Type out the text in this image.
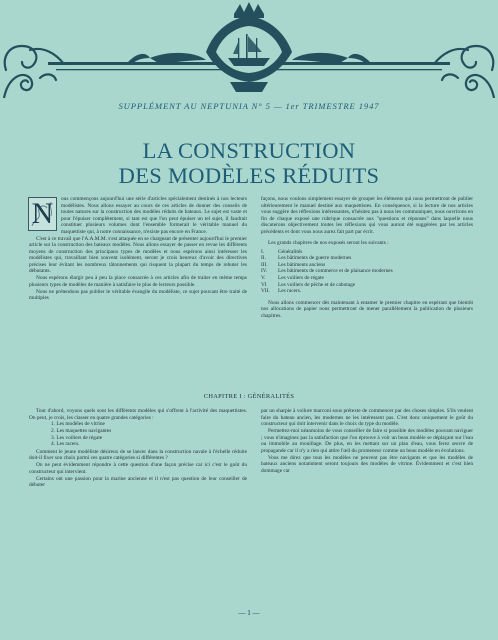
SUPPLÉMENT AU NEPTUNIA N° 5 — 1er TRIMESTRE 1947
LA CONSTRUCTION
DES MODÈLES RÉDUITS
N	ous commençons aujourd'hui une série d'articles spécialement destinés à nos lecteurs modélistes. Nous allons essayer au cours de ces articles de donner des conseils de toutes natures sur la construction des modèles réduits de bateaux. Le sujet est vaste et pour l'épuiser complètement, si tant est que l'on peut épuiser un tel sujet, il faudrait constituer plusieurs volumes dont l'ensemble formerait le véritable manuel du maquettiste qui, à notre connaissance, n'existe pas encore en France.

C'est à ce travail que l'A.A.M.M. s'est attaquée en se chargeant de présenter aujourd'hui le premier article sur la construction des bateaux modèles. Nous allons essayer de passer en revue les différents moyens de construction des principaux types de modèles et nous espérons ainsi intéresser les modélistes qui, travaillant bien souvent isolément, seront je crois heureux d'avoir des directives précises leur évitant les nombreux tâtonnements qui risquent la plupart du temps de rebuter les débutants.

Nous espérons élargir peu à peu la place consacrée à ces articles afin de traiter en même temps plusieurs types de modèles de manière à satisfaire le plus de lecteurs possible.

Nous ne prétendons pas publier le véritable évangile du modéliste, ce sujet pouvant être traité de multiples

façons, nous voulons simplement essayer de grouper les éléments qui nous permettront de publier ultérieurement le manuel destiné aux maquettistes. En conséquence, si la lecture de nos articles vous suggère des réflexions intéressantes, n'hésitez pas à nous les communiquer, nous ouvrirons en fin de chaque exposé une rubrique consacrée aux "questions et réponses" dans laquelle nous discuterons objectivement toutes les réflexions qui vous auront été suggérées par les articles précédents et dont vous nous aurez fait part par écrit.

Les grands chapitres de nos exposés seront les suivants :

I.	Généralités
II.	Les bâtiments de guerre modernes
III.	Les bâtiments anciens
IV.	Les bâtiments de commerce et de plaisance modernes
V.	Les voiliers de régate
VI	Les voiliers de pêche et de cabotage
VII.	Les racers.

Nous allons commencer dès maintenant à entamer le premier chapitre en espérant que bientôt nos allocations de papier nous permettront de mener parallèlement la publication de plusieurs chapitres.

CHAPITRE I : GÉNÉRALITÉS

Tout d'abord, voyons quels sont les différents modèles qui s'offrent à l'activité des maquettistes. On peut, je crois, les classer en quatre grandes catégories :

1. Les modèles de vitrine
2. Les maquettes navigantes
3. Les voiliers de régate
4. Les racers.

Comment le jeune modéliste désireux de se lancer dans la construction navale à l'échelle réduite doit-il fixer son choix parmi ces quatre catégories si différentes ?

On ne peut évidemment répondre à cette question d'une façon précise car ici c'est le goût du constructeur qui intervient.

Certains ont une passion pour la marine ancienne et il n'est pas question de leur conseiller de débuter

par un sharpie à voilure marconi sous prétexte de commencer par des choses simples. S'ils veulent faire du bateau ancien, les modernes ne les intéressent pas. C'est donc uniquement le goût du constructeur qui doit intervenir dans le choix du type du modèle.

Permettez-moi néanmoins de vous conseiller de faire si possible des modèles pouvant naviguer ; vous n'imaginez pas la satisfaction que l'on éprouve à voir un beau modèle se déplaçant sur l'eau ou immobile au mouillage. De plus, en les mettant sur un plan d'eau, vous ferez œuvre de propagande car il n'y a rien qui attire l'œil du promeneur comme un beau modèle en évolutions.

Vous me direz que tous les modèles ne peuvent pas être navigants et que les modèles de bateaux anciens notamment seront toujours des modèles de vitrine. Évidemment et c'est bien dommage car

— 1 —
